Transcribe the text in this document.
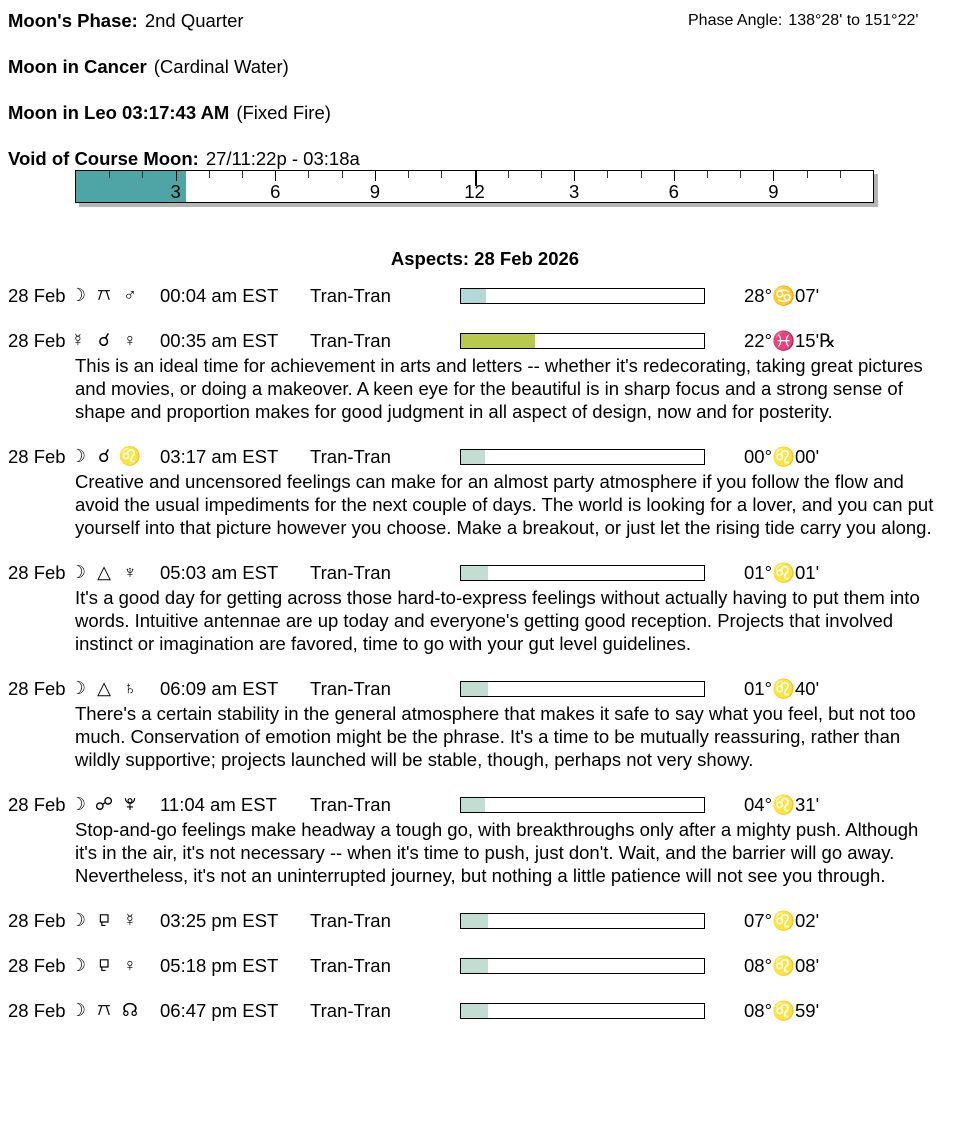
Moon's Phase: 2nd Quarter	Phase Angle: 138°28' to 151°22'
Moon in Cancer (Cardinal Water)
Moon in Leo 03:17:43 AM (Fixed Fire)
Void of Course Moon: 27/11:22p - 03:18a
3	6	9	12	3	6	9
Aspects: 28 Feb 2026
28 Feb ☽ ♂ 00:04 am EST Tran-Tran	28°♋07'
28 Feb ☿ ☌ ♀ 00:35 am EST Tran-Tran	22°♓15'℞
This is an ideal time for achievement in arts and letters -- whether it's redecorating, taking great pictures and movies, or doing a makeover. A keen eye for the beautiful is in sharp focus and a strong sense of shape and proportion makes for good judgment in all aspect of design, now and for posterity.
28 Feb ☽ ☌ ♌ 03:17 am EST Tran-Tran	00°♌00'
Creative and uncensored feelings can make for an almost party atmosphere if you follow the flow and avoid the usual impediments for the next couple of days. The world is looking for a lover, and you can put yourself into that picture however you choose. Make a breakout, or just let the rising tide carry you along.
28 Feb ☽ △ ♆ 05:03 am EST Tran-Tran	01°♌01'
It's a good day for getting across those hard-to-express feelings without actually having to put them into words. Intuitive antennae are up today and everyone's getting good reception. Projects that involved instinct or imagination are favored, time to go with your gut level guidelines.
28 Feb ☽ △ ♄ 06:09 am EST Tran-Tran	01°♌40'
There's a certain stability in the general atmosphere that makes it safe to say what you feel, but not too much. Conservation of emotion might be the phrase. It's a time to be mutually reassuring, rather than wildly supportive; projects launched will be stable, though, perhaps not very showy.
28 Feb ☽ ☍	11:04 am EST Tran-Tran	04°♌31'
Stop-and-go feelings make headway a tough go, with breakthroughs only after a mighty push. Although it's in the air, it's not necessary -- when it's time to push, just don't. Wait, and the barrier will go away. Nevertheless, it's not an uninterrupted journey, but nothing a little patience will not see you through.
28 Feb ☽ ☿ 03:25 pm EST Tran-Tran	07°♌02'
28 Feb ☽ ♀ 05:18 pm EST Tran-Tran	08°♌08'
28 Feb ☽ ☊ 06:47 pm EST Tran-Tran	08°♌59'
